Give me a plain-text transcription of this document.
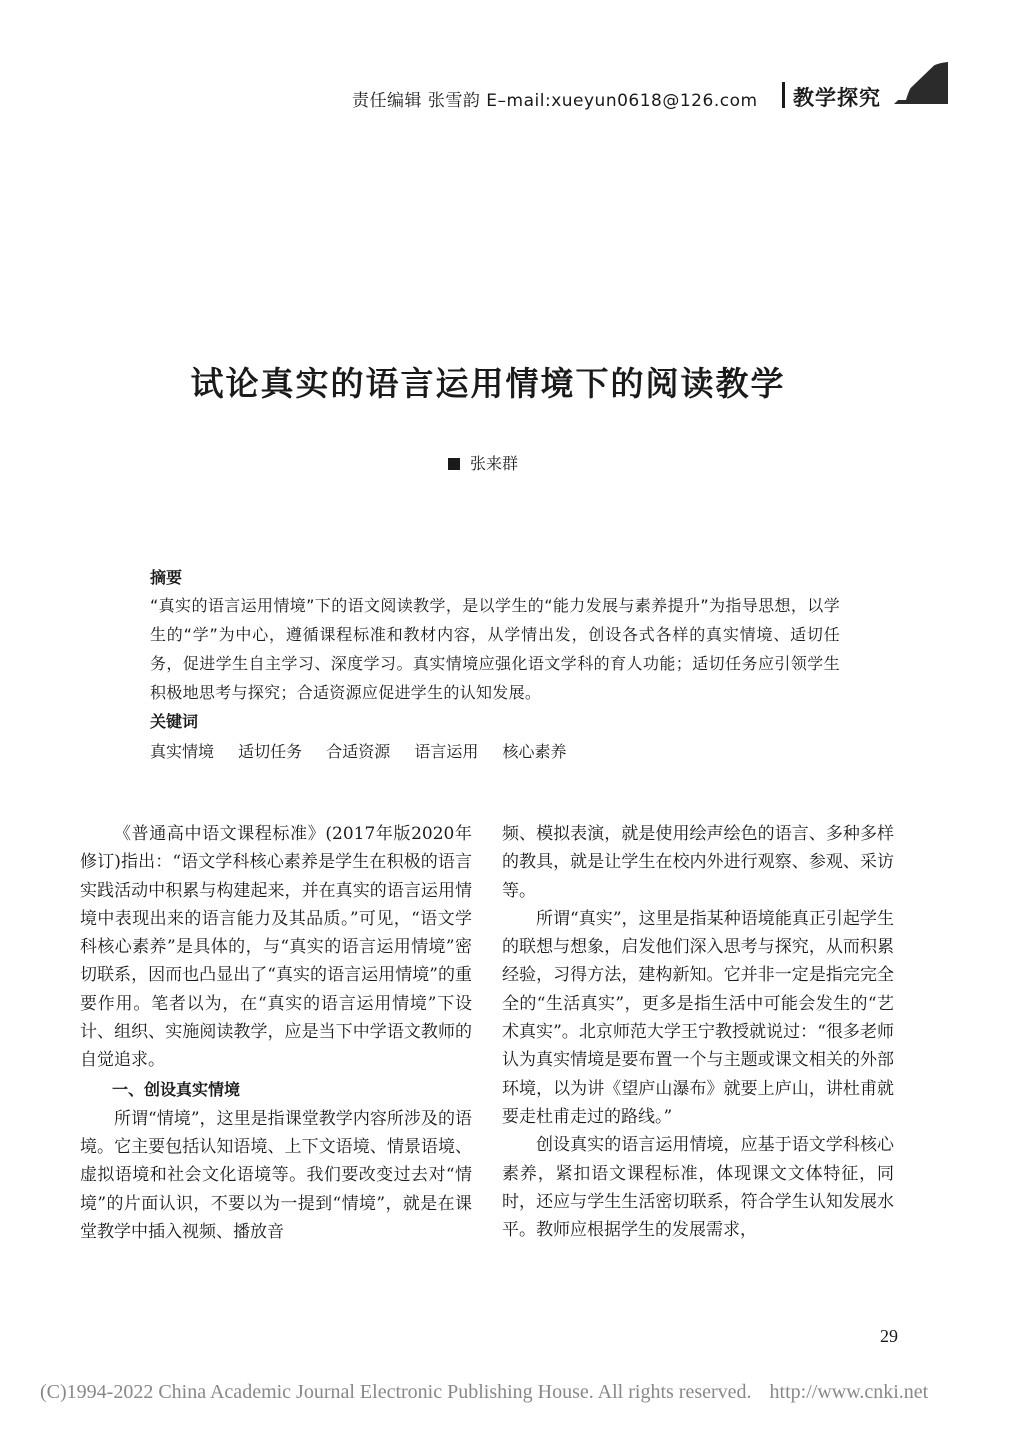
责任编辑 张雪韵 E–mail:xueyun0618@126.com 教学探究
试论真实的语言运用情境下的阅读教学
张来群
摘要
“真实的语言运用情境”下的语文阅读教学，是以学生的“能力发展与素养提升”为指导思想，以学生的“学”为中心，遵循课程标准和教材内容，从学情出发，创设各式各样的真实情境、适切任务，促进学生自主学习、深度学习。真实情境应强化语文学科的育人功能；适切任务应引领学生积极地思考与探究；合适资源应促进学生的认知发展。
关键词
真实情境 适切任务 合适资源 语言运用 核心素养

《普通高中语文课程标准》(2017年版2020年修订)指出：“语文学科核心素养是学生在积极的语言实践活动中积累与构建起来，并在真实的语言运用情境中表现出来的语言能力及其品质。”可见，“语文学科核心素养”是具体的，与“真实的语言运用情境”密切联系，因而也凸显出了“真实的语言运用情境”的重要作用。笔者以为，在“真实的语言运用情境”下设计、组织、实施阅读教学，应是当下中学语文教师的自觉追求。

一、创设真实情境

所谓“情境”，这里是指课堂教学内容所涉及的语境。它主要包括认知语境、上下文语境、情景语境、虚拟语境和社会文化语境等。我们要改变过去对“情境”的片面认识，不要以为一提到“情境”，就是在课堂教学中插入视频、播放音

频、模拟表演，就是使用绘声绘色的语言、多种多样的教具，就是让学生在校内外进行观察、参观、采访等。

所谓“真实”，这里是指某种语境能真正引起学生的联想与想象，启发他们深入思考与探究，从而积累经验，习得方法，建构新知。它并非一定是指完完全全的“生活真实”，更多是指生活中可能会发生的“艺术真实”。北京师范大学王宁教授就说过：“很多老师认为真实情境是要布置一个与主题或课文相关的外部环境，以为讲《望庐山瀑布》就要上庐山，讲杜甫就要走杜甫走过的路线。”

创设真实的语言运用情境，应基于语文学科核心素养，紧扣语文课程标准，体现课文文体特征，同时，还应与学生生活密切联系，符合学生认知发展水平。教师应根据学生的发展需求，

29
(C)1994-2022 China Academic Journal Electronic Publishing House. All rights reserved. http://www.cnki.net
